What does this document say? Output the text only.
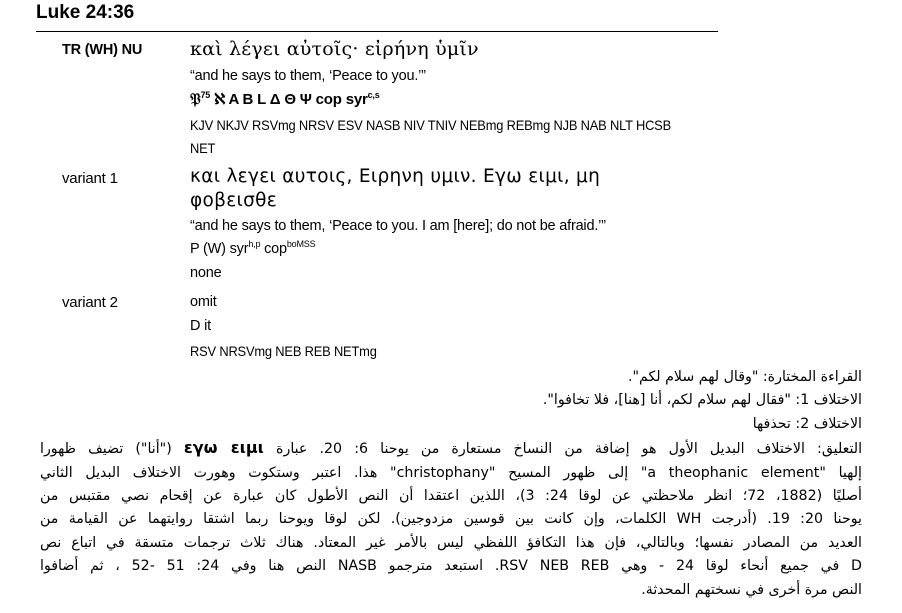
Luke 24:36
TR (WH) NU	καὶ λέγει αὐτοῖς· εἰρήνη ὑμῖν
“and he says to them, ‘Peace to you.’”
𝔓$^{75}$ ℵ A B L Δ Θ Ψ cop syr$^{c,s}$
KJV NKJV RSVmg NRSV ESV NASB NIV TNIV NEBmg REBmg NJB NAB NLT HCSB
NET
variant 1	και λεγει αυτοις, Ειρηνη υμιν. Εγω ειμι, μη
φοβεισθε
“and he says to them, ‘Peace to you. I am [here]; do not be afraid.’”
P (W) syr$^{h,p}$ cop$^{boMSS}$
none
variant 2	omit
D it
RSV NRSVmg NEB REB NETmg

القراءة المختارة: "وقال لهم سلام لكم".

الاختلاف 1: "فقال لهم سلام لكم، أنا [هنا]، فلا تخافوا".

الاختلاف 2: تحذفها

التعليق: الاختلاف البديل الأول هو إضافة من النساخ مستعارة من يوحنا 6: 20. عبارة εγω ειμι ("أنا") تضيف ظهورا

إلهيا "a theophanic element" إلى ظهور المسيح "christophany" هذا. اعتبر وستكوت وهورت الاختلاف البديل الثاني

أصليًا (1882، 72؛ انظر ملاحظتي عن لوقا 24: 3)، اللذين اعتقدا أن النص الأطول كان عبارة عن إقحام نصي مقتبس من

يوحنا 20: 19. (أدرجت WH الكلمات، وإن كانت بين قوسين مزدوجين). لكن لوقا ويوحنا ربما اشتقا روايتهما عن القيامة من

العديد من المصادر نفسها؛ وبالتالي، فإن هذا التكافؤ اللفظي ليس بالأمر غير المعتاد. هناك ثلاث ترجمات متسقة في اتباع نص

D في جميع أنحاء لوقا 24 - وهي RSV NEB REB. استبعد مترجمو NASB النص هنا وفي 24: 51 -52 ، ثم أضافوا

النص مرة أخرى في نسختهم المحدثة.
